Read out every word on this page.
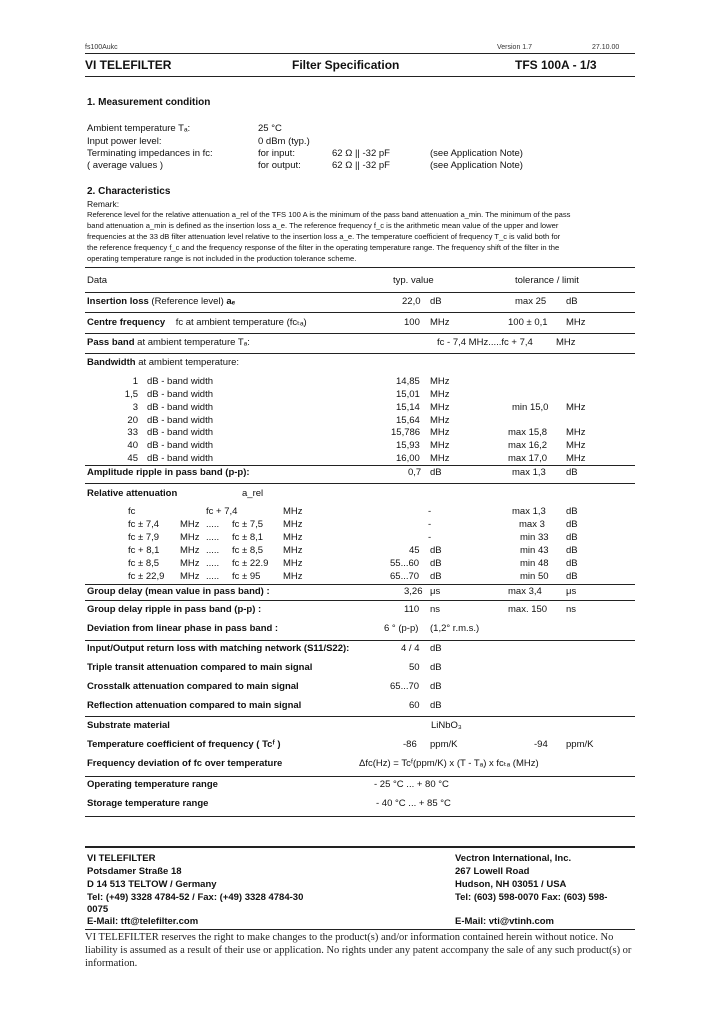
fs100Aukc	Version 1.7	27.10.00
VI TELEFILTER	Filter Specification	TFS 100A - 1/3
1. Measurement condition
Ambient temperature Tₐ:	25 °C
Input power level:	0 dBm (typ.)
Terminating impedances in fᴄ:	for input:	62 Ω || -32 pF	(see Application Note)
( average values )	for output:	62 Ω || -32 pF	(see Application Note)
2. Characteristics
Remark:
Reference level for the relative attenuation a_rel of the TFS 100 A is the minimum of the pass band attenuation a_min. The minimum of the pass
band attenuation a_min is defined as the insertion loss a_e. The reference frequency f_c is the arithmetic mean value of the upper and lower
frequencies at the 33 dB filter attenuation level relative to the insertion loss a_e. The temperature coefficient of frequency T_c is valid both for
the reference frequency f_c and the frequency response of the filter in the operating temperature range. The frequency shift of the filter in the
operating temperature range is not included in the production tolerance scheme.
Data	typ. value	tolerance / limit
Insertion loss (Reference level) aₑ	22,0 dB	max 25 dB
Centre frequency fᴄ at ambient temperature (fᴄₜₐ)	100 MHz	100 ± 0,1 MHz
Pass band at ambient temperature Tₐ:	fᴄ - 7,4 MHz.....fᴄ + 7,4 MHz
Bandwidth at ambient temperature:
1 dB - band width	14,85 MHz
1,5 dB - band width	15,01 MHz
3 dB - band width	15,14 MHz	min 15,0 MHz
20 dB - band width	15,64 MHz
33 dB - band width	15,786 MHz	max 15,8 MHz
40 dB - band width	15,93 MHz	max 16,2 MHz
45 dB - band width	16,00 MHz	max 17,0 MHz
Amplitude ripple in pass band (p-p):	0,7 dB	max 1,3 dB
Relative attenuation	a_rel
fᴄ	fᴄ + 7,4	MHz	-	max 1,3 dB
fᴄ ± 7,4 MHz ..... fᴄ ± 7,5 MHz	-	max 3 dB
fᴄ ± 7,9 MHz ..... fᴄ ± 8,1 MHz	-	min 33 dB
fᴄ + 8,1 MHz ..... fᴄ ± 8,5 MHz	45 dB	min 43 dB
fᴄ ± 8,5 MHz ..... fᴄ ± 22.9 MHz	55...60 dB	min 48 dB
fᴄ ± 22,9 MHz ..... fᴄ ± 95 MHz	65...70 dB	min 50 dB
Group delay (mean value in pass band) :	3,26 μs	max 3,4	μs
Group delay ripple in pass band (p-p) :	110 ns	max. 150 ns
Deviation from linear phase in pass band :	6 ° (p-p) (1,2° r.m.s.)
Input/Output return loss with matching network (S11/S22):	4 / 4 dB
Triple transit attenuation compared to main signal	50 dB
Crosstalk attenuation compared to main signal	65...70 dB
Reflection attenuation compared to main signal	60 dB
Substrate material	LiNbO₃
Temperature coefficient of frequency ( Tcᶠ )	-86 ppm/K	-94 ppm/K
Frequency deviation of fᴄ over temperature	Δfᴄ(Hz) = Tcᶠ(ppm/K) x (T - Tₐ) x fᴄₜₐ (MHz)
Operating temperature range	- 25 °C ... + 80 °C
Storage temperature range	- 40 °C ... + 85 °C
VI TELEFILTER
Potsdamer Straße 18
D 14 513 TELTOW / Germany
Tel: (+49) 3328 4784-52 / Fax: (+49) 3328 4784-30
0075
E-Mail: tft@telefilter.com
Vectron International, Inc.
267 Lowell Road
Hudson, NH 03051 / USA
Tel: (603) 598-0070 Fax: (603) 598-
E-Mail: vti@vtinh.com
VI TELEFILTER reserves the right to make changes to the product(s) and/or information contained herein without notice. No liability is assumed as a result of their use or application. No rights under any patent accompany the sale of any such product(s) or information.
